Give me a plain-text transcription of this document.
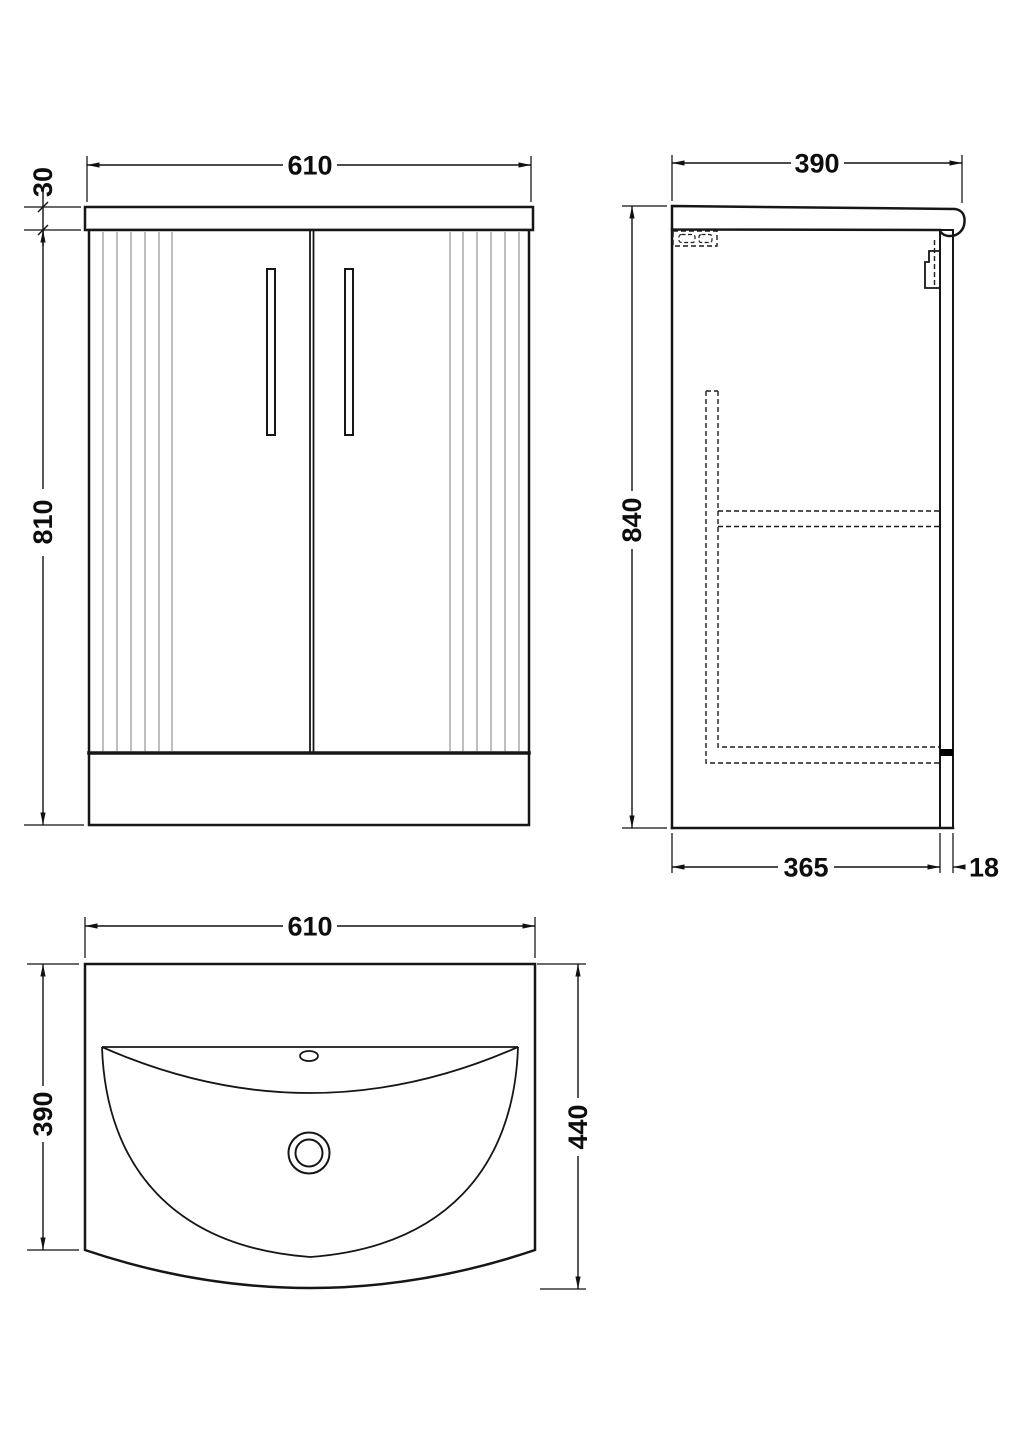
610
30
810
390
840
365	18
610
390	440
